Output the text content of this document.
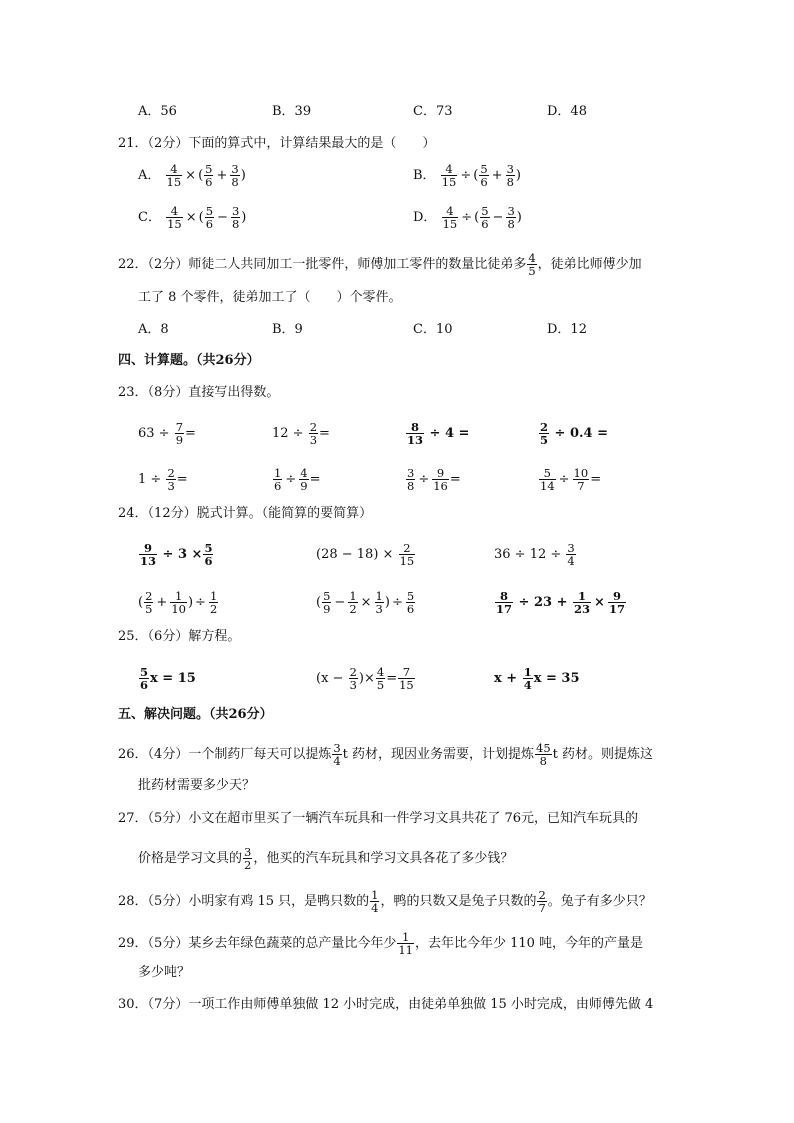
A．56	B．39	C．73	D．48
21．（2分）下面的算式中，计算结果最大的是（　　）
A． $\frac{4}{15}$ × ( $\frac{5}{6} + \frac{3}{8}$ )	B． $\frac{4}{15}$ ÷ ( $\frac{5}{6} + \frac{3}{8}$ )
C． $\frac{4}{15}$ × ( $\frac{5}{6} - \frac{3}{8}$ )	D． $\frac{4}{15}$ ÷ ( $\frac{5}{6} - \frac{3}{8}$ )
22．（2分）师徒二人共同加工一批零件，师傅加工零件的数量比徒弟多 $\frac{4}{5}$ ，徒弟比师傅少加
工了 8 个零件，徒弟加工了（　　）个零件。
A．8	B．9	C．10	D．12
四、计算题。（共26分）
23．（8分）直接写出得数。
$63 \div \frac{7}{9}$ =	$12 \div \frac{2}{3}$ =	$\frac{8}{13} \div 4$ =	$\frac{2}{5} \div 0.4$ =
$1 \div \frac{2}{3}$ =	$\frac{1}{6} \div \frac{4}{9}$ =	$\frac{3}{8} \div \frac{9}{16}$ =	$\frac{5}{14} \div \frac{10}{7}$ =
24．（12分）脱式计算。（能简算的要简算）
$\frac{9}{13} \div 3 \times \frac{5}{6}$	$(28 - 18) \times \frac{2}{15}$	$36 \div 12 \div \frac{3}{4}$
( $\frac{2}{5} + \frac{1}{10}$ ) ÷ $\frac{1}{2}$	( $\frac{5}{9} - \frac{1}{2} \times \frac{1}{3}$ ) ÷ $\frac{5}{6}$	$\frac{8}{17} \div 23 + \frac{1}{23} \times \frac{9}{17}$
25．（6分）解方程。
$\frac{5}{6}$ x = 15	($x - \frac{2}{3}$ )× $\frac{4}{5} = \frac{7}{15}$	$x + \frac{1}{4}$ x = 35
五、解决问题。（共26分）
26．（4分）一个制药厂每天可以提炼 $\frac{3}{4}$ t 药材，现因业务需要，计划提炼 $\frac{45}{8}$ t 药材。则提炼这
批药材需要多少天？
27．（5分）小文在超市里买了一辆汽车玩具和一件学习文具共花了 76元，已知汽车玩具的
价格是学习文具的 $\frac{3}{2}$ ，他买的汽车玩具和学习文具各花了多少钱？
28．（5分）小明家有鸡 15 只，是鸭只数的 $\frac{1}{4}$ ，鸭的只数又是兔子只数的 $\frac{2}{7}$ 。兔子有多少只？
29．（5分）某乡去年绿色蔬菜的总产量比今年少 $\frac{1}{11}$ ，去年比今年少 110 吨，今年的产量是
多少吨？
30．（7分）一项工作由师傅单独做 12 小时完成，由徒弟单独做 15 小时完成，由师傅先做 4
